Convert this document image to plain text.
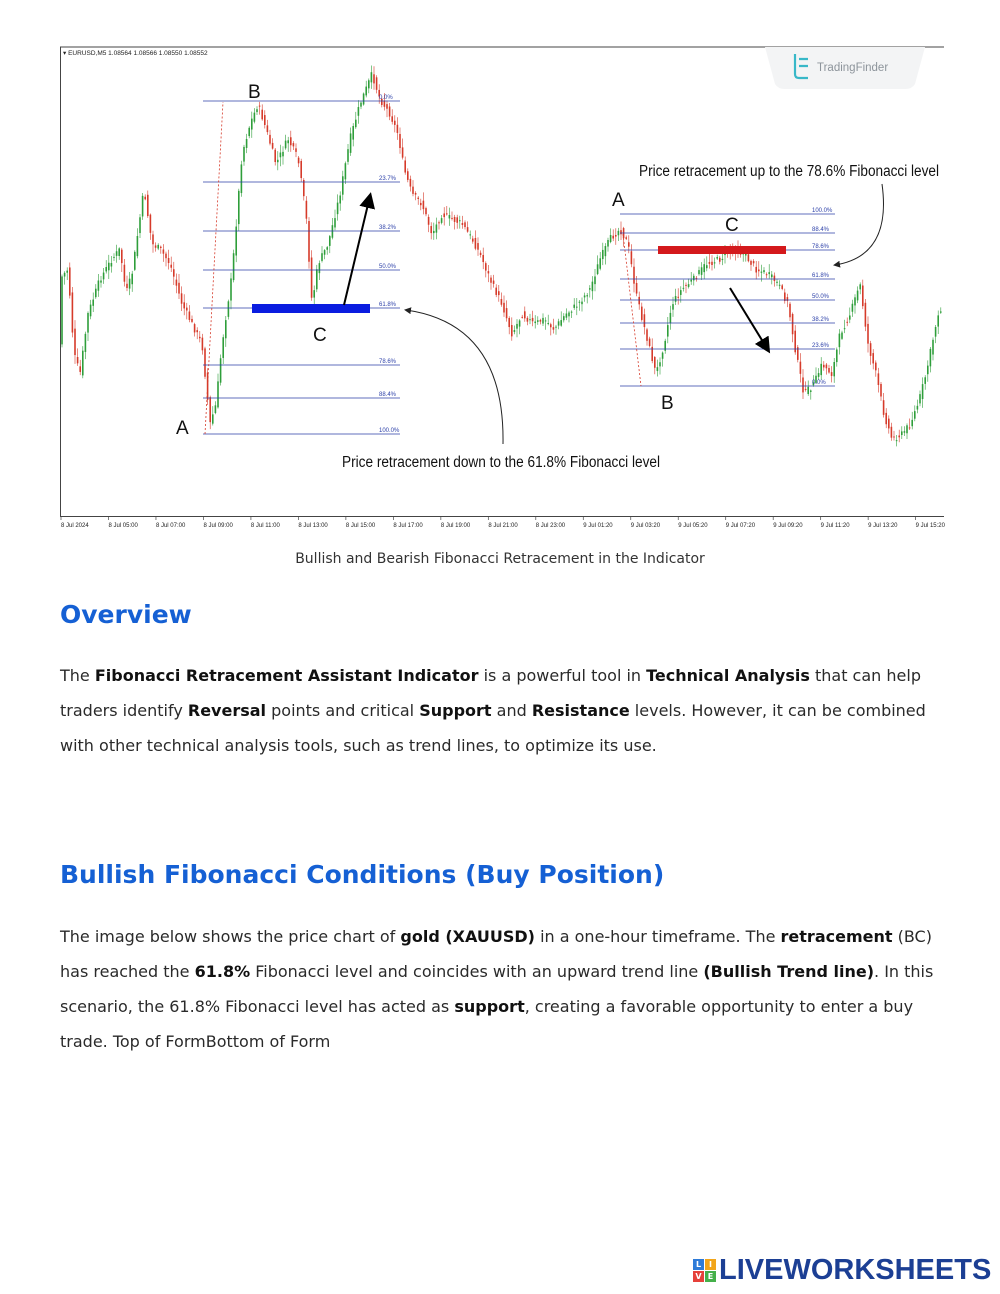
▾ EURUSD,M5 1.08564 1.08566 1.08550 1.08552
TradingFinder
0.0%
23.7%
38.2%
50.0%
61.8%
78.6%
88.4%
100.0%
100.0%
88.4%
78.6%
61.8%
50.0%
38.2%
23.6%
0.0%
A
B
C
A
B
C
Price retracement down to the 61.8% Fibonacci level
Price retracement up to the 78.6% Fibonacci level
8 Jul 2024	8 Jul 05:00	8 Jul 07:00	8 Jul 09:00	8 Jul 11:00	8 Jul 13:00	8 Jul 15:00	8 Jul 17:00	8 Jul 19:00	8 Jul 21:00	8 Jul 23:00	9 Jul 01:20	9 Jul 03:20	9 Jul 05:20	9 Jul 07:20	9 Jul 09:20	9 Jul 11:20	9 Jul 13:20	9 Jul 15:20
Bullish and Bearish Fibonacci Retracement in the Indicator
Overview

The Fibonacci Retracement Assistant Indicator is a powerful tool in Technical Analysis that can help traders identify Reversal points and critical Support and Resistance levels. However, it can be combined with other technical analysis tools, such as trend lines, to optimize its use.

Bullish Fibonacci Conditions (Buy Position)

The image below shows the price chart of gold (XAUUSD) in a one-hour timeframe. The retracement (BC) has reached the 61.8% Fibonacci level and coincides with an upward trend line (Bullish Trend line). In this scenario, the 61.8% Fibonacci level has acted as support, creating a favorable opportunity to enter a buy trade. Top of FormBottom of Form

L I
V E LIVEWORKSHEETS
